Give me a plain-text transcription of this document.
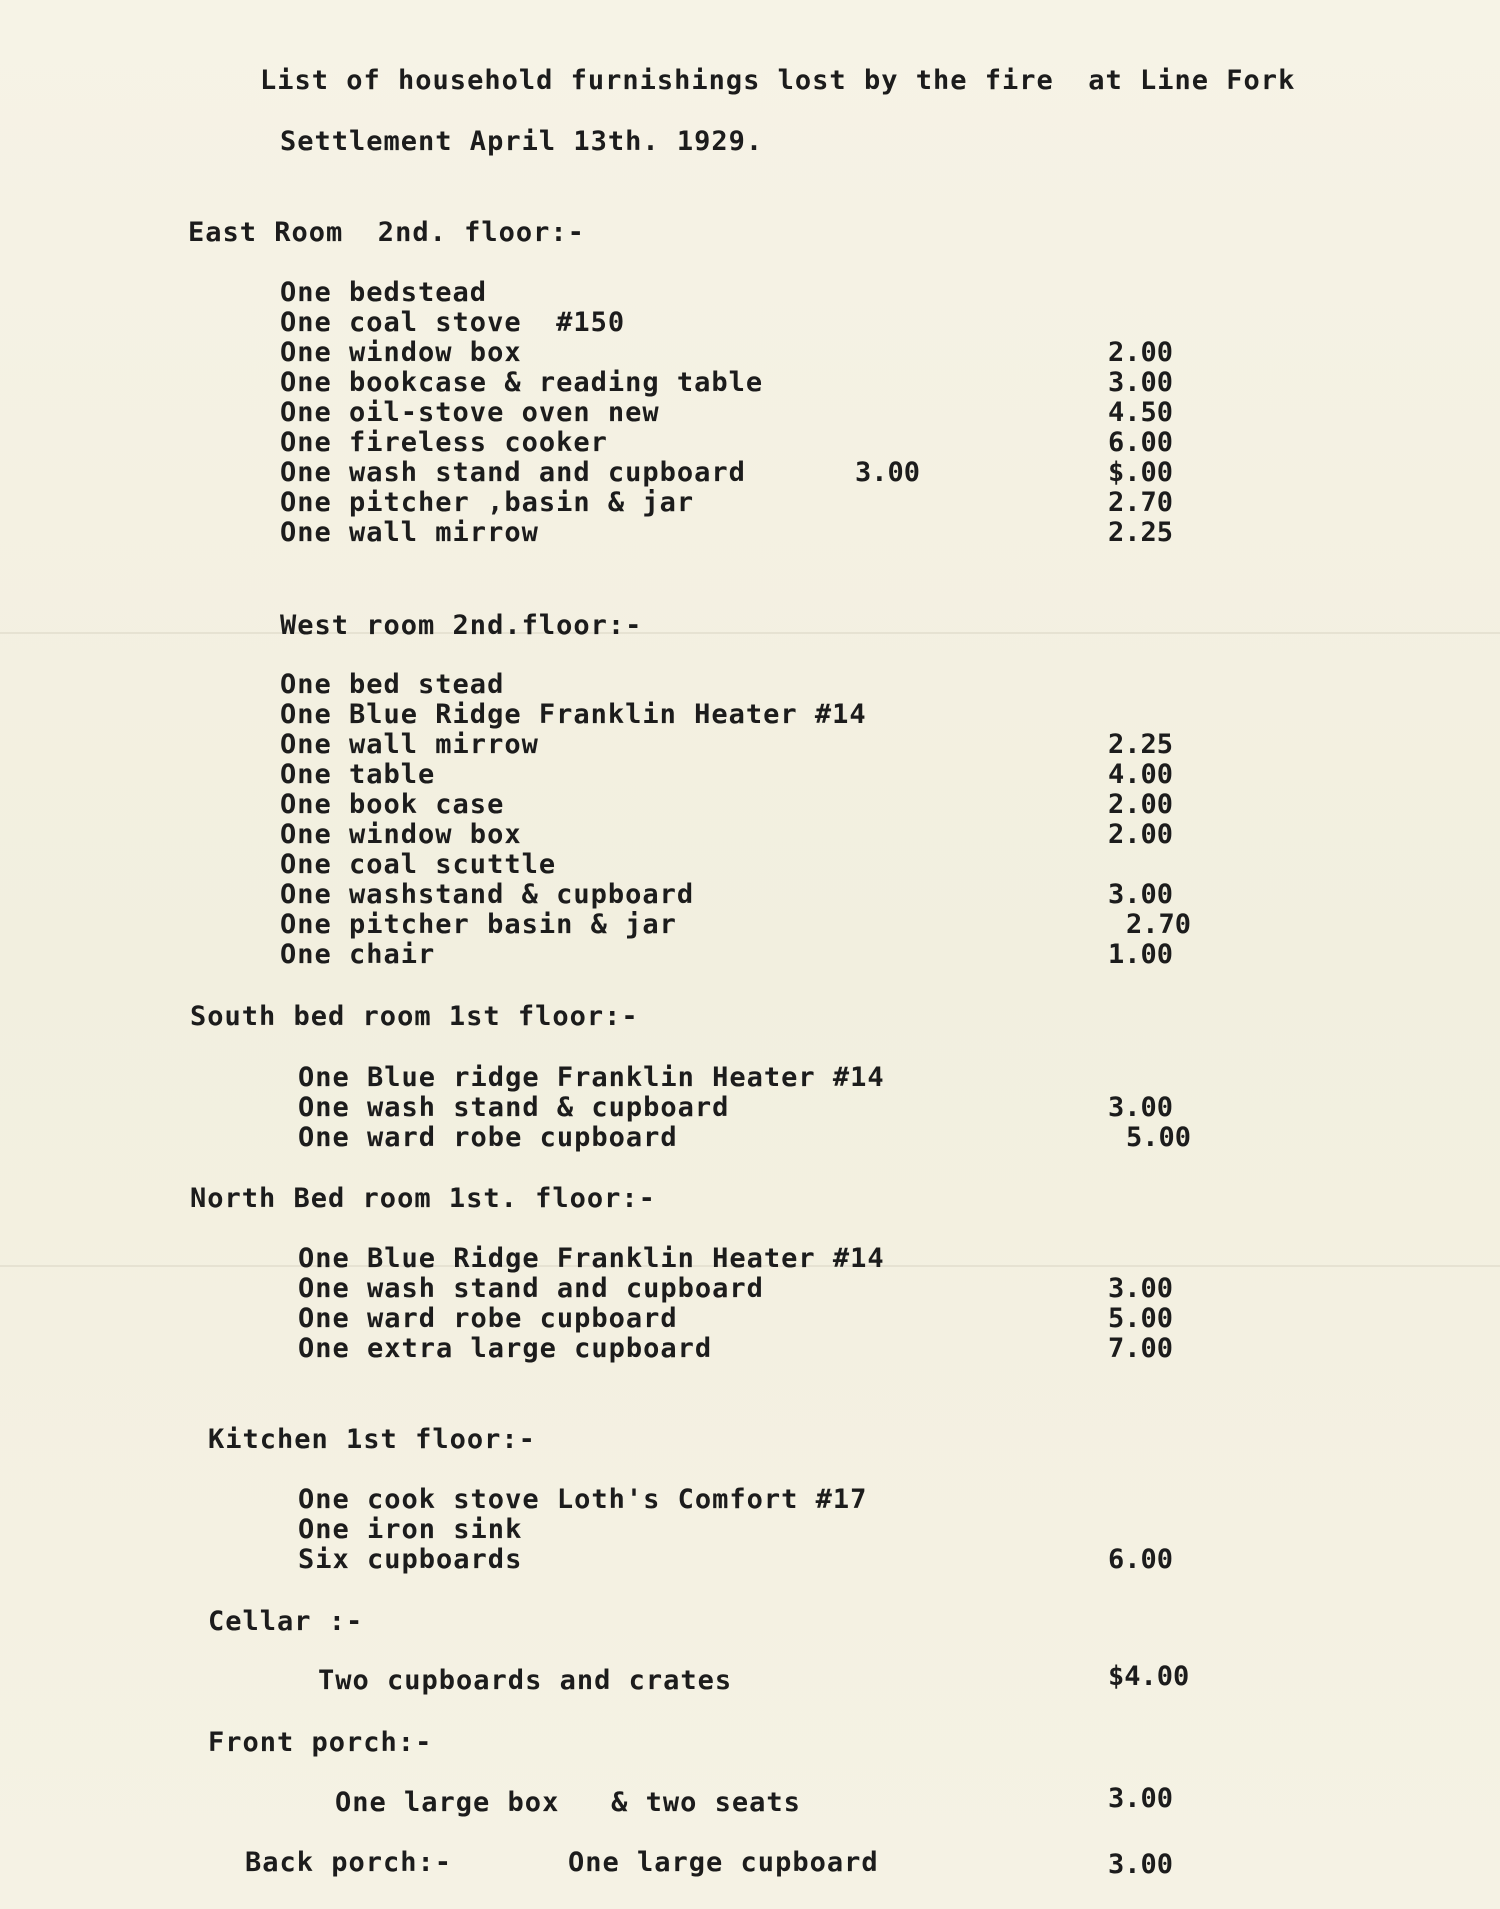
List of household furnishings lost by the fire  at Line Fork
Settlement April 13th. 1929.
East Room  2nd. floor:-
One bedstead
One coal stove  #150
One window box	2.00
One bookcase & reading table	3.00
One oil-stove oven new	4.50
One fireless cooker	6.00
One wash stand and cupboard	3.00	$.00
One pitcher ,basin & jar	2.70
One wall mirrow	2.25
West room 2nd.floor:-
One bed stead
One Blue Ridge Franklin Heater #14
One wall mirrow	2.25
One table	4.00
One book case	2.00
One window box	2.00
One coal scuttle
One washstand & cupboard	3.00
One pitcher basin & jar	2.70
One chair	1.00
South bed room 1st floor:-
One Blue ridge Franklin Heater #14
One wash stand & cupboard	3.00
One ward robe cupboard	5.00
North Bed room 1st. floor:-
One Blue Ridge Franklin Heater #14
One wash stand and cupboard	3.00
One ward robe cupboard	5.00
One extra large cupboard	7.00
Kitchen 1st floor:-
One cook stove Loth's Comfort #17
One iron sink
Six cupboards	6.00
Cellar :-
Two cupboards and crates	$4.00
Front porch:-
One large box   & two seats	3.00
Back porch:-	One large cupboard	3.00
